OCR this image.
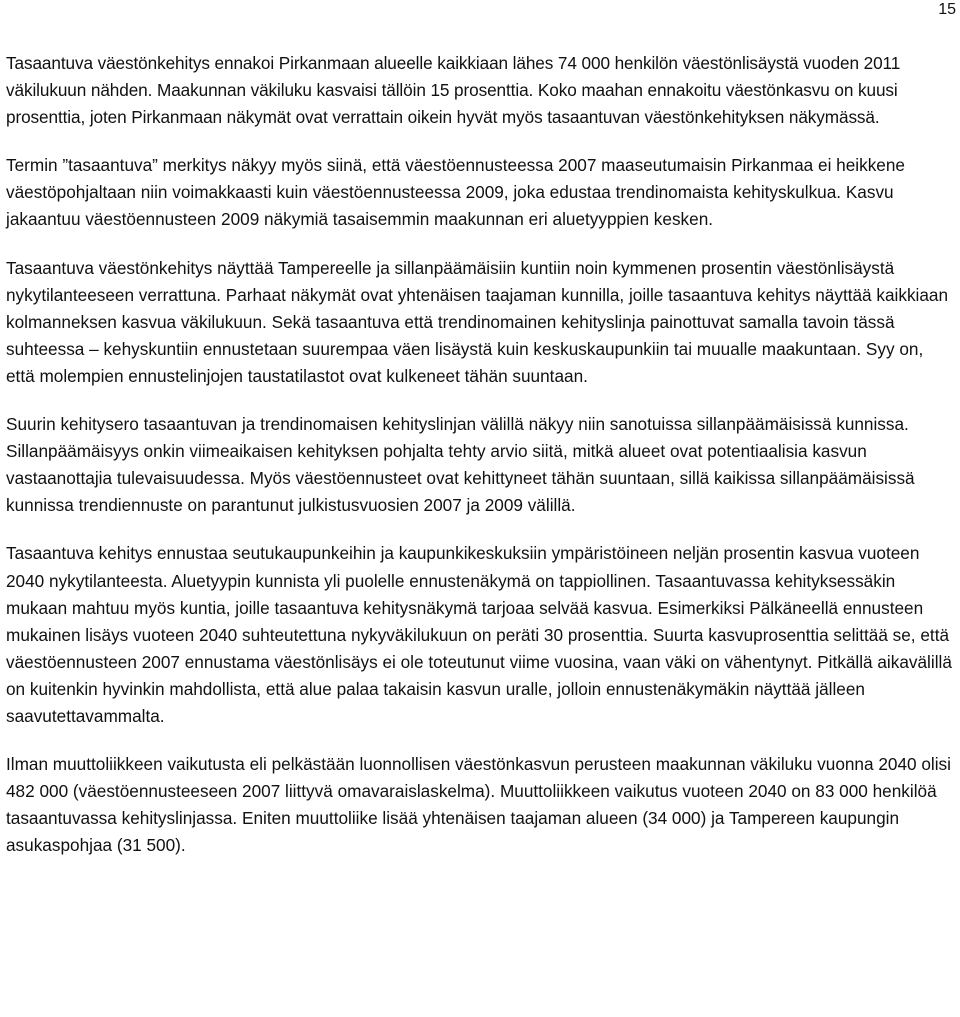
15

Tasaantuva väestönkehitys ennakoi Pirkanmaan alueelle kaikkiaan lähes 74 000 henkilön väestönlisäystä vuoden 2011 väkilukuun nähden. Maakunnan väkiluku kasvaisi tällöin 15 prosenttia. Koko maahan ennakoitu väestönkasvu on kuusi prosenttia, joten Pirkanmaan näkymät ovat verrattain oikein hyvät myös tasaantuvan väestönkehityksen näkymässä.

Termin ”tasaantuva” merkitys näkyy myös siinä, että väestöennusteessa 2007 maaseutumaisin Pirkanmaa ei heikkene väestöpohjaltaan niin voimakkaasti kuin väestöennusteessa 2009, joka edustaa trendinomaista kehityskulkua. Kasvu jakaantuu väestöennusteen 2009 näkymiä tasaisemmin maakunnan eri aluetyyppien kesken.

Tasaantuva väestönkehitys näyttää Tampereelle ja sillanpäämäisiin kuntiin noin kymmenen prosentin väestönlisäystä nykytilanteeseen verrattuna. Parhaat näkymät ovat yhtenäisen taajaman kunnilla, joille tasaantuva kehitys näyttää kaikkiaan kolmanneksen kasvua väkilukuun. Sekä tasaantuva että trendinomainen kehityslinja painottuvat samalla tavoin tässä suhteessa – kehyskuntiin ennustetaan suurempaa väen lisäystä kuin keskuskaupunkiin tai muualle maakuntaan. Syy on, että molempien ennustelinjojen taustatilastot ovat kulkeneet tähän suuntaan.

Suurin kehitysero tasaantuvan ja trendinomaisen kehityslinjan välillä näkyy niin sanotuissa sillanpäämäisissä kunnissa. Sillanpäämäisyys onkin viimeaikaisen kehityksen pohjalta tehty arvio siitä, mitkä alueet ovat potentiaalisia kasvun vastaanottajia tulevaisuudessa. Myös väestöennusteet ovat kehittyneet tähän suuntaan, sillä kaikissa sillanpäämäisissä kunnissa trendiennuste on parantunut julkistusvuosien 2007 ja 2009 välillä.

Tasaantuva kehitys ennustaa seutukaupunkeihin ja kaupunkikeskuksiin ympäristöineen neljän prosentin kasvua vuoteen 2040 nykytilanteesta. Aluetyypin kunnista yli puolelle ennustenäkymä on tappiollinen. Tasaantuvassa kehityksessäkin mukaan mahtuu myös kuntia, joille tasaantuva kehitysnäkymä tarjoaa selvää kasvua. Esimerkiksi Pälkäneellä ennusteen mukainen lisäys vuoteen 2040 suhteutettuna nykyväkilukuun on peräti 30 prosenttia. Suurta kasvuprosenttia selittää se, että väestöennusteen 2007 ennustama väestönlisäys ei ole toteutunut viime vuosina, vaan väki on vähentynyt. Pitkällä aikavälillä on kuitenkin hyvinkin mahdollista, että alue palaa takaisin kasvun uralle, jolloin ennustenäkymäkin näyttää jälleen saavutettavammalta.

Ilman muuttoliikkeen vaikutusta eli pelkästään luonnollisen väestönkasvun perusteen maakunnan väkiluku vuonna 2040 olisi 482 000 (väestöennusteeseen 2007 liittyvä omavaraislaskelma). Muuttoliikkeen vaikutus vuoteen 2040 on 83 000 henkilöä tasaantuvassa kehityslinjassa. Eniten muuttoliike lisää yhtenäisen taajaman alueen (34 000) ja Tampereen kaupungin asukaspohjaa (31 500).
